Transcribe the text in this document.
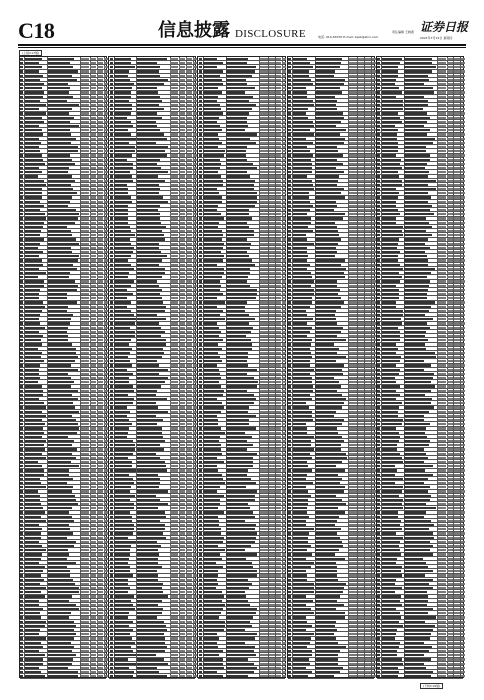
C18	信息披露 DISCLOSURE	责任编辑 王晓燕
电话: 010-63070 E-mail: zqsb@stcn.com
证券日报
2021年7月15日 星期四
(上接C17版)
(下转C19版)
